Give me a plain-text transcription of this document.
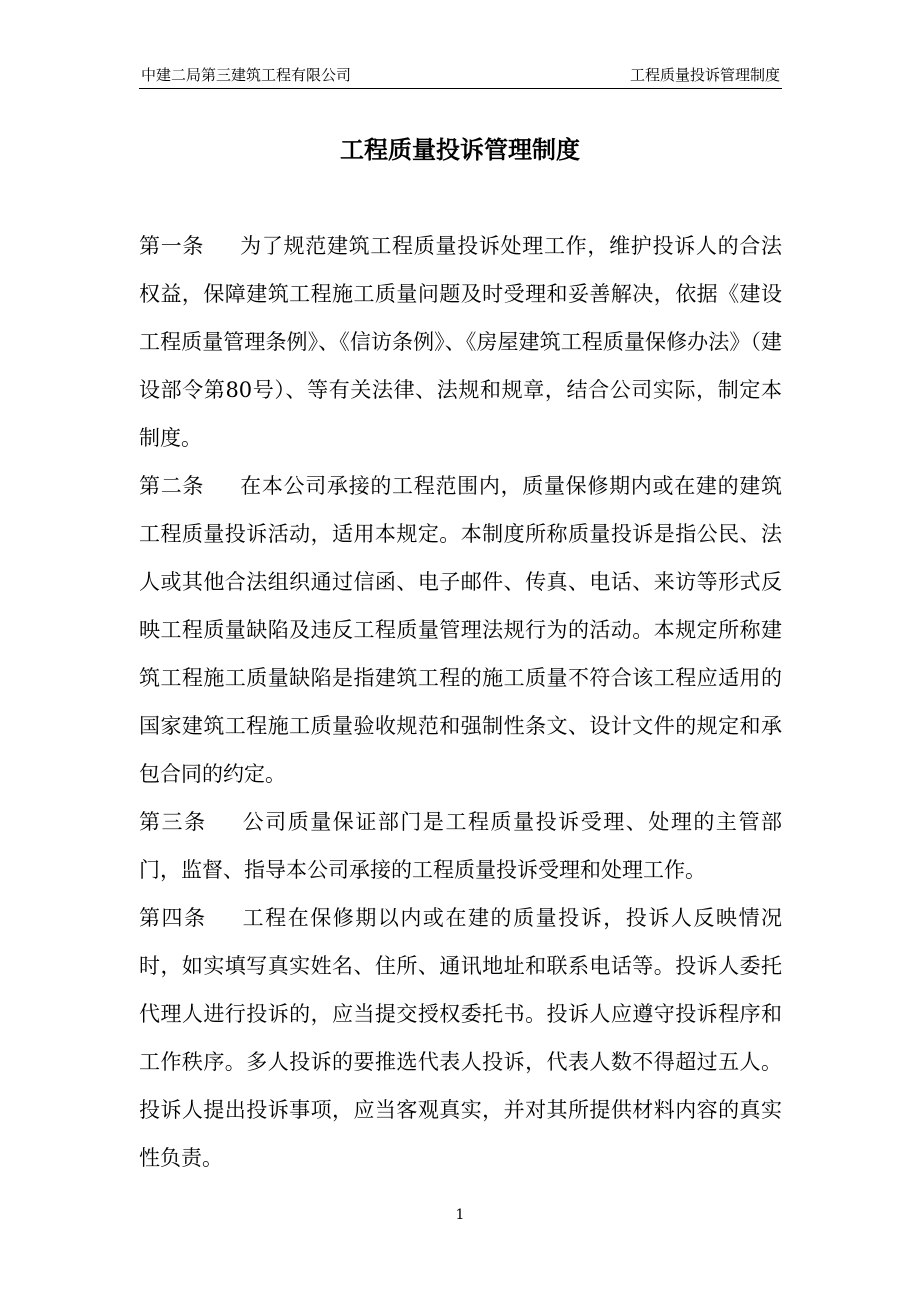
中建二局第三建筑工程有限公司	工程质量投诉管理制度
工程质量投诉管理制度

第一条 为了规范建筑工程质量投诉处理工作，维护投诉人的合法权益，保障建筑工程施工质量问题及时受理和妥善解决，依据《建设工程质量管理条例》、《信访条例》、《房屋建筑工程质量保修办法》（建设部令第80号）、等有关法律、法规和规章，结合公司实际，制定本制度。

第二条 在本公司承接的工程范围内，质量保修期内或在建的建筑工程质量投诉活动，适用本规定。本制度所称质量投诉是指公民、法人或其他合法组织通过信函、电子邮件、传真、电话、来访等形式反映工程质量缺陷及违反工程质量管理法规行为的活动。本规定所称建筑工程施工质量缺陷是指建筑工程的施工质量不符合该工程应适用的国家建筑工程施工质量验收规范和强制性条文、设计文件的规定和承包合同的约定。

第三条 公司质量保证部门是工程质量投诉受理、处理的主管部门，监督、指导本公司承接的工程质量投诉受理和处理工作。

第四条 工程在保修期以内或在建的质量投诉，投诉人反映情况时，如实填写真实姓名、住所、通讯地址和联系电话等。投诉人委托代理人进行投诉的，应当提交授权委托书。投诉人应遵守投诉程序和工作秩序。多人投诉的要推选代表人投诉，代表人数不得超过五人。投诉人提出投诉事项，应当客观真实，并对其所提供材料内容的真实性负责。

1
